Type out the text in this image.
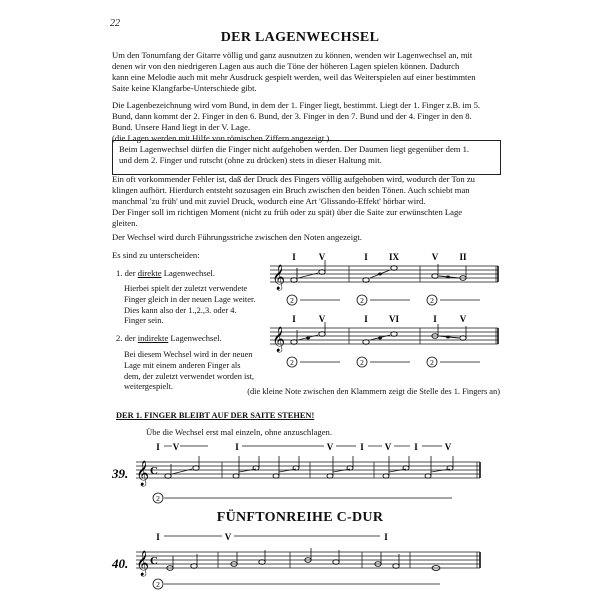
22
DER LAGENWECHSEL
Um den Tonumfang der Gitarre völlig und ganz ausnutzen zu können, wenden wir Lagenwechsel an, mit
denen wir von den niedrigeren Lagen aus auch die Töne der höheren Lagen spielen können. Dadurch
kann eine Melodie auch mit mehr Ausdruck gespielt werden, weil das Weiterspielen auf einer bestimmten
Saite keine Klangfarbe-Unterschiede gibt.
Die Lagenbezeichnung wird vom Bund, in dem der 1. Finger liegt, bestimmt. Liegt der 1. Finger z.B. im 5.
Bund, dann kommt der 2. Finger in den 6. Bund, der 3. Finger in den 7. Bund und der 4. Finger in den 8.
Bund. Unsere Hand liegt in der V. Lage.
(die Lagen werden mit Hilfe von römischen Ziffern angezeigt.)
Beim Lagenwechsel dürfen die Finger nicht aufgehoben werden. Der Daumen liegt gegenüber dem 1.
und dem 2. Finger und rutscht (ohne zu drücken) stets in dieser Haltung mit.
Ein oft vorkommender Fehler ist, daß der Druck des Fingers völlig aufgehoben wird, wodurch der Ton zu
klingen aufhört. Hierdurch entsteht sozusagen ein Bruch zwischen den beiden Tönen. Auch schiebt man
manchmal 'zu früh' und mit zuviel Druck, wodurch eine Art 'Glissando-Effekt' hörbar wird.
Der Finger soll im richtigen Moment (nicht zu früh oder zu spät) über die Saite zur erwünschten Lage
gleiten.
Der Wechsel wird durch Führungsstriche zwischen den Noten angezeigt.
Es sind zu unterscheiden:
1. der direkte Lagenwechsel.
Hierbei spielt der zuletzt verwendete
Finger gleich in der neuen Lage weiter.
Dies kann also der 1.,2.,3. oder 4.
Finger sein.
2. der indirekte Lagenwechsel.
Bei diesem Wechsel wird in der neuen
Lage mit einem anderen Finger als
dem, der zuletzt verwendet worden ist,
weitergespielt.
(die kleine Note zwischen den Klammern zeigt die Stelle des 1. Fingers an)
I	V	I IX	V II
𝄞
2	2	2
I	V	I VI	I	V
𝄞
2	2	2
DER 1. FINGER BLEIBT AUF DER SAITE STEHEN!
Übe die Wechsel erst mal einzeln, ohne anzuschlagen.
39.
I V	I	V	I V	I	V
𝄞 C
2
FÜNFTONREIHE C-DUR
40.
I	V	I
𝄞 C
2
